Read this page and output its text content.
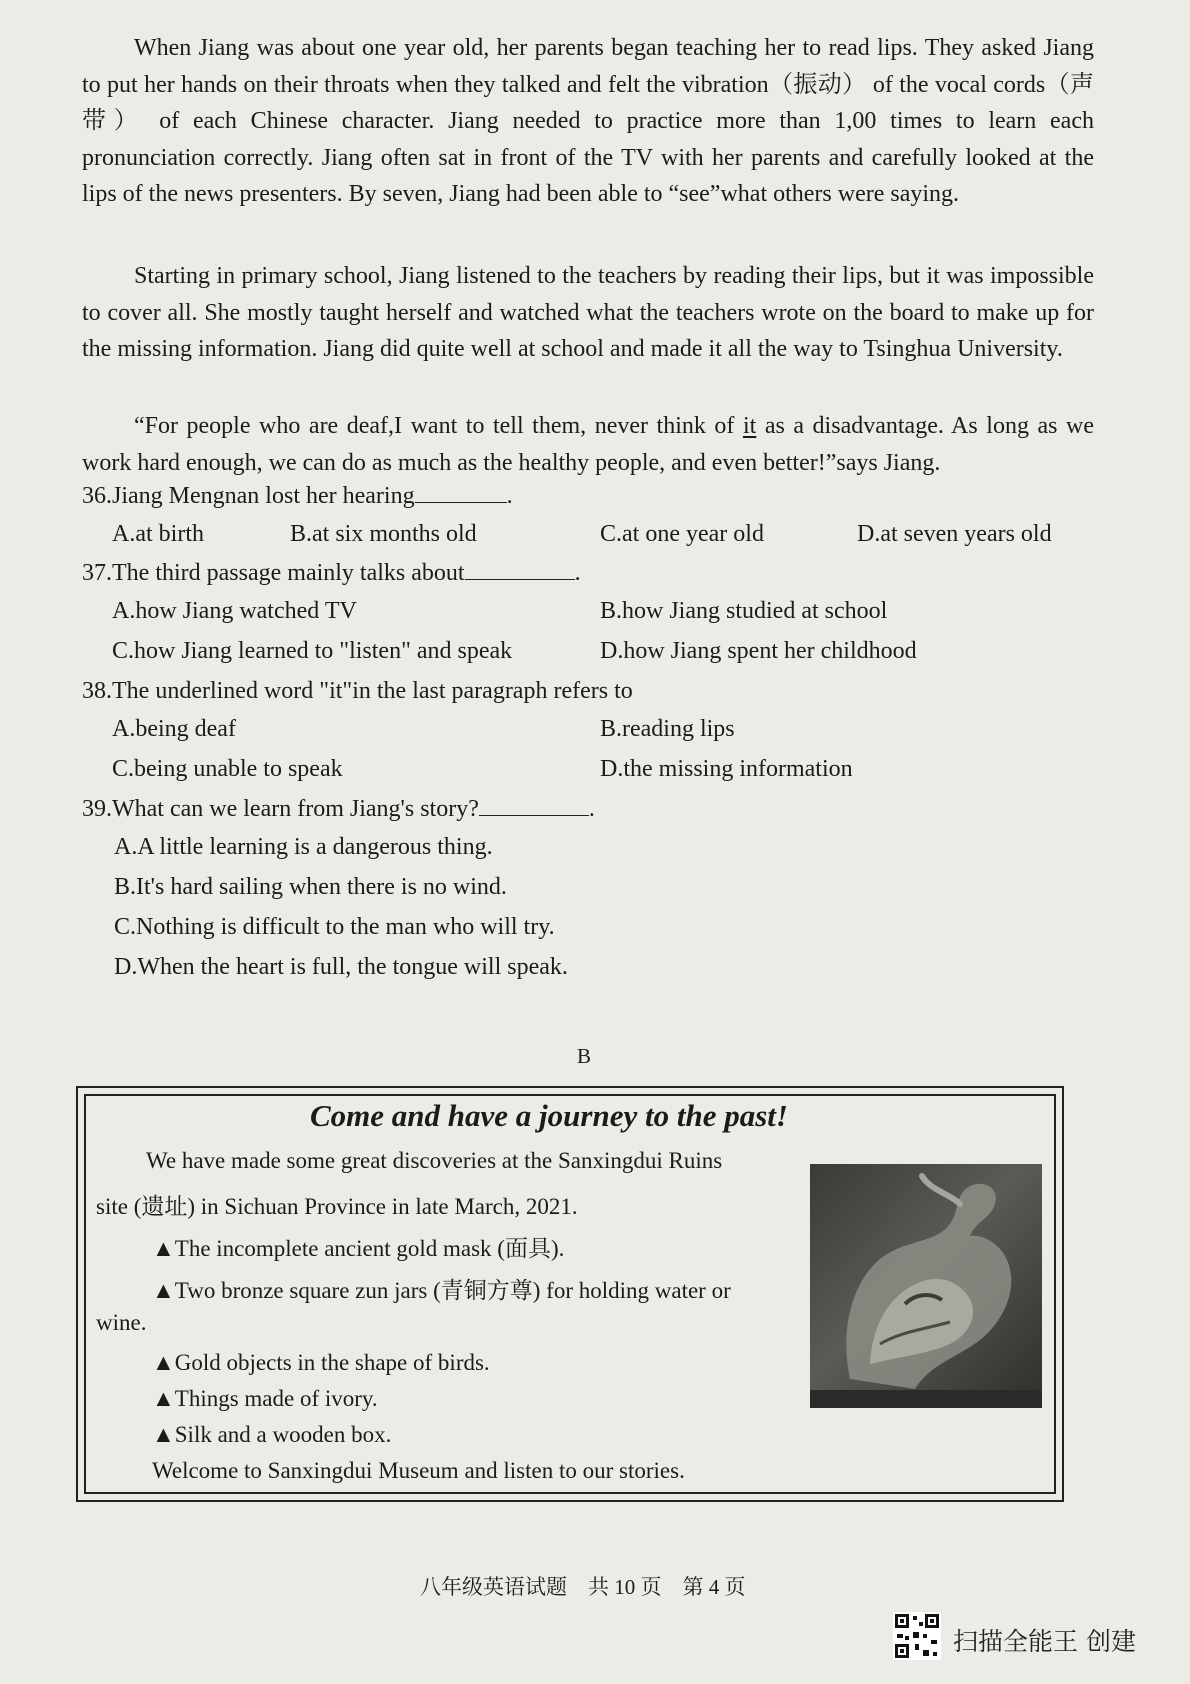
When Jiang was about one year old, her parents began teaching her to read lips. They asked Jiang to put her hands on their throats when they talked and felt the vibration（振动） of the vocal cords（声带） of each Chinese character. Jiang needed to practice more than 1,00 times to learn each pronunciation correctly. Jiang often sat in front of the TV with her parents and carefully looked at the lips of the news presenters. By seven, Jiang had been able to “see”what others were saying.

Starting in primary school, Jiang listened to the teachers by reading their lips, but it was impossible to cover all. She mostly taught herself and watched what the teachers wrote on the board to make up for the missing information. Jiang did quite well at school and made it all the way to Tsinghua University.

“For people who are deaf,I want to tell them, never think of it as a disadvantage. As long as we work hard enough, we can do as much as the healthy people, and even better!”says Jiang.

36.Jiang Mengnan lost her hearing	.

A.at birth	B.at six months old	C.at one year old	D.at seven years old

37.The third passage mainly talks about	.

A.how Jiang watched TV	B.how Jiang studied at school

C.how Jiang learned to "listen" and speak	D.how Jiang spent her childhood

38.The underlined word "it"in the last paragraph refers to

A.being deaf	B.reading lips

C.being unable to speak	D.the missing information

39.What can we learn from Jiang's story?	.

A.A little learning is a dangerous thing.

B.It's hard sailing when there is no wind.

C.Nothing is difficult to the man who will try.

D.When the heart is full, the tongue will speak.

B
Come and have a journey to the past!

We have made some great discoveries at the Sanxingdui Ruins

site (遗址) in Sichuan Province in late March, 2021.

▲The incomplete ancient gold mask (面具).

▲Two bronze square zun jars (青铜方尊) for holding water or

wine.

▲Gold objects in the shape of birds.

▲Things made of ivory.

▲Silk and a wooden box.

Welcome to Sanxingdui Museum and listen to our stories.

八年级英语试题　共 10 页　第 4 页
扫描全能王 创建
